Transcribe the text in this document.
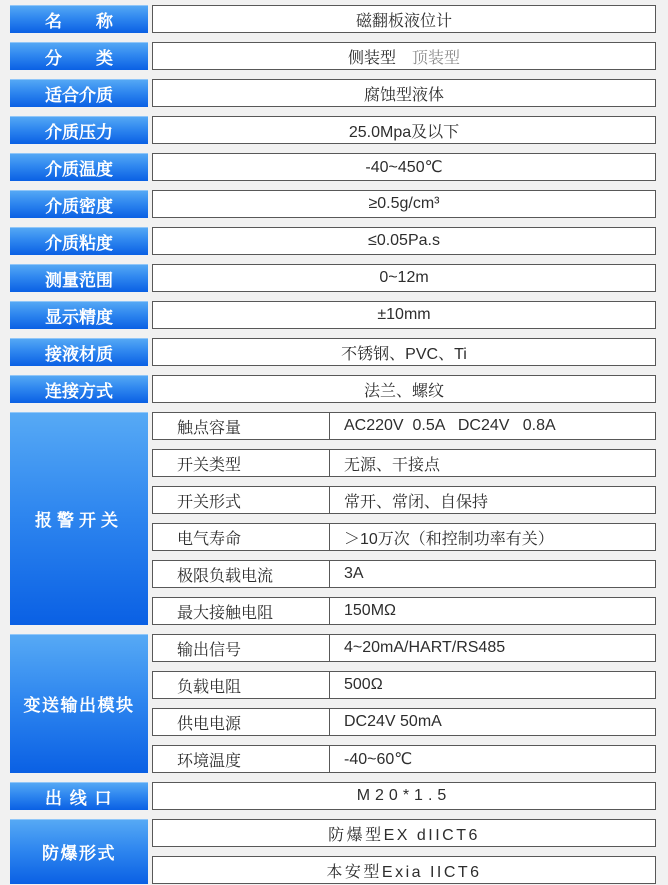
名　　称	磁翻板液位计
分　　类	侧装型 顶装型
适合介质	腐蚀型液体
介质压力	25.0Mpa及以下
介质温度	-40~450℃
介质密度	≥0.5g/cm³
介质粘度	≤0.05Pa.s
测量范围	0~12m
显示精度	±10mm
接液材质	不锈钢、PVC、Ti
连接方式	法兰、螺纹
报警开关
触点容量	AC220V  0.5A   DC24V   0.8A
开关类型	无源、干接点
开关形式	常开、常闭、自保持
电气寿命	＞10万次（和控制功率有关）
极限负载电流	3A
最大接触电阻	150MΩ
变送输出模块
输出信号	4~20mA/HART/RS485
负载电阻	500Ω
供电电源	DC24V 50mA
环境温度	-40~60℃
出 线 口	M20*1.5
防爆形式
防爆型EX dIICT6
本安型Exia IICT6
